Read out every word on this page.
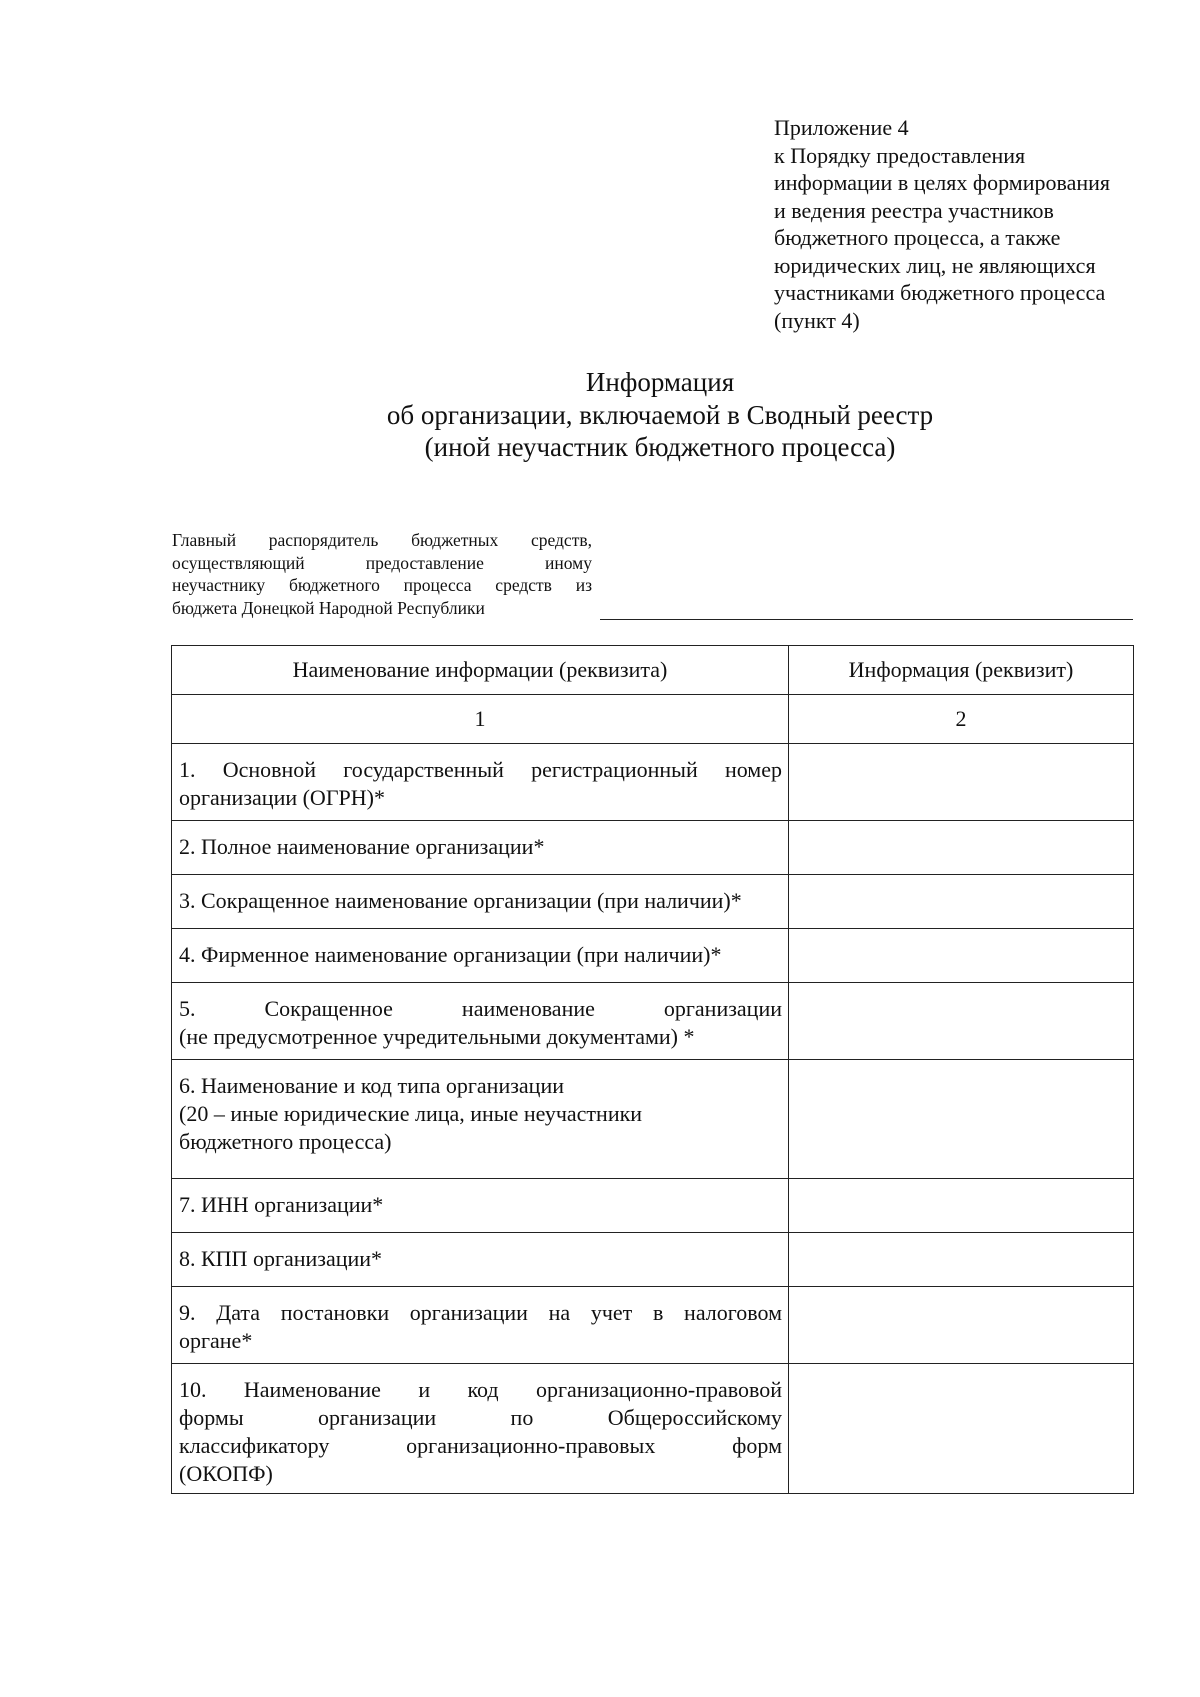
Приложение 4
к Порядку предоставления
информации в целях формирования
и ведения реестра участников
бюджетного процесса, а также
юридических лиц, не являющихся
участниками бюджетного процесса
(пункт 4)
Информация
об организации, включаемой в Сводный реестр
(иной неучастник бюджетного процесса)
Главный распорядитель бюджетных средств,
осуществляющий предоставление иному
неучастнику бюджетного процесса средств из
бюджета Донецкой Народной Республики
Наименование информации (реквизита)	Информация (реквизит)
1	2

1. Основной государственный регистрационный номер
организации (ОГРН)*	

2. Полное наименование организации*	

3. Сокращенное наименование организации (при наличии)*	

4. Фирменное наименование организации (при наличии)*	

5. Сокращенное наименование организации
(не предусмотренное учредительными документами) *	

6. Наименование и код типа организации
(20 – иные юридические лица, иные неучастники
бюджетного процесса)	

7. ИНН организации*	

8. КПП организации*	

9. Дата постановки организации на учет в налоговом
органе*	

10. Наименование и код организационно-правовой
формы организации по Общероссийскому
классификатору организационно-правовых форм
(ОКОПФ)	
